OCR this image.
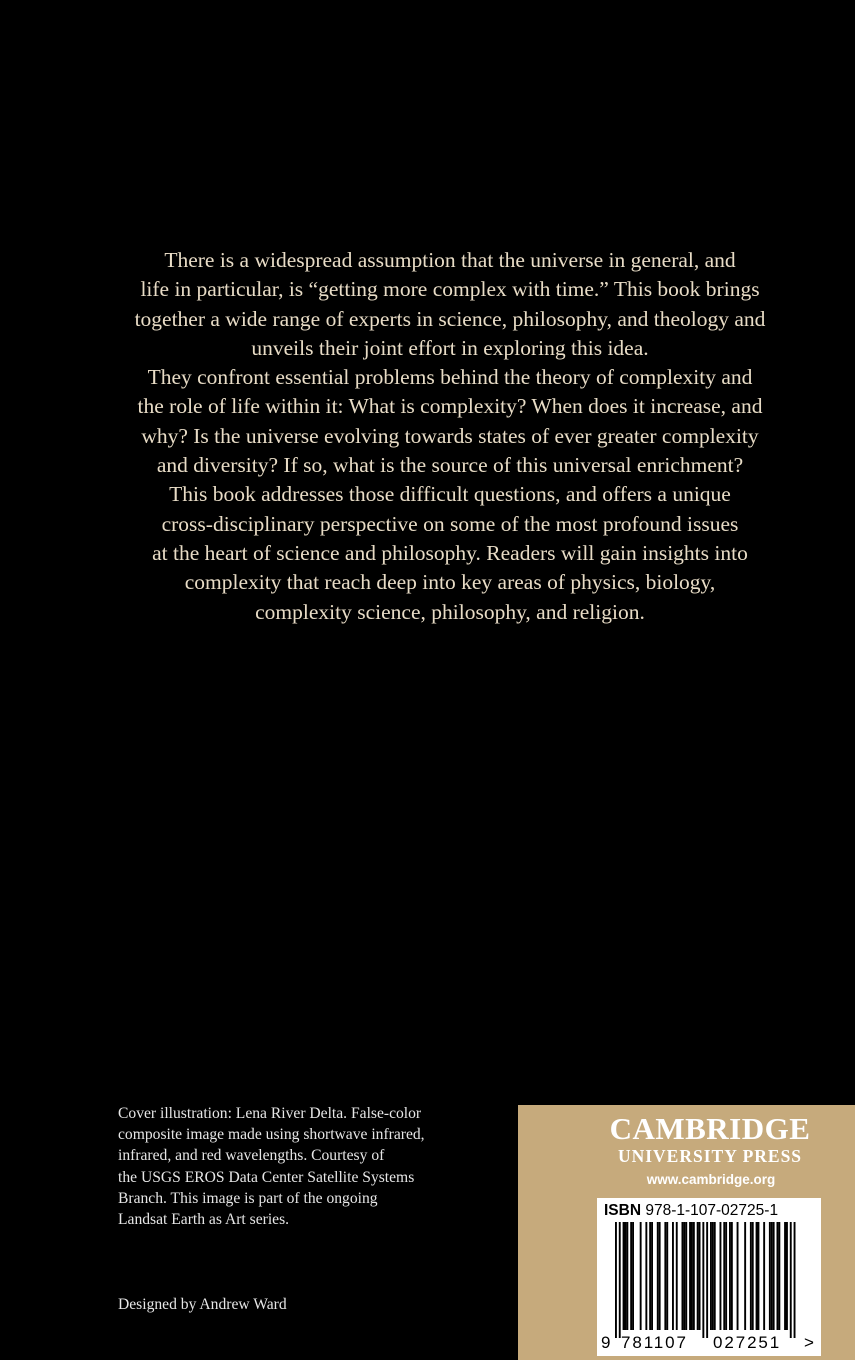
There is a widespread assumption that the universe in general, and
life in particular, is “getting more complex with time.” This book brings
together a wide range of experts in science, philosophy, and theology and
unveils their joint effort in exploring this idea.
They confront essential problems behind the theory of complexity and
the role of life within it: What is complexity? When does it increase, and
why? Is the universe evolving towards states of ever greater complexity
and diversity? If so, what is the source of this universal enrichment?
This book addresses those difficult questions, and offers a unique
cross-disciplinary perspective on some of the most profound issues
at the heart of science and philosophy. Readers will gain insights into
complexity that reach deep into key areas of physics, biology,
complexity science, philosophy, and religion.
Cover illustration: Lena River Delta. False-color
composite image made using shortwave infrared,
infrared, and red wavelengths. Courtesy of
the USGS EROS Data Center Satellite Systems
Branch. This image is part of the ongoing
Landsat Earth as Art series.
Designed by Andrew Ward
CAMBRIDGE
UNIVERSITY PRESS
www.cambridge.org
ISBN 978-1-107-02725-1
9 781107 027251 >
